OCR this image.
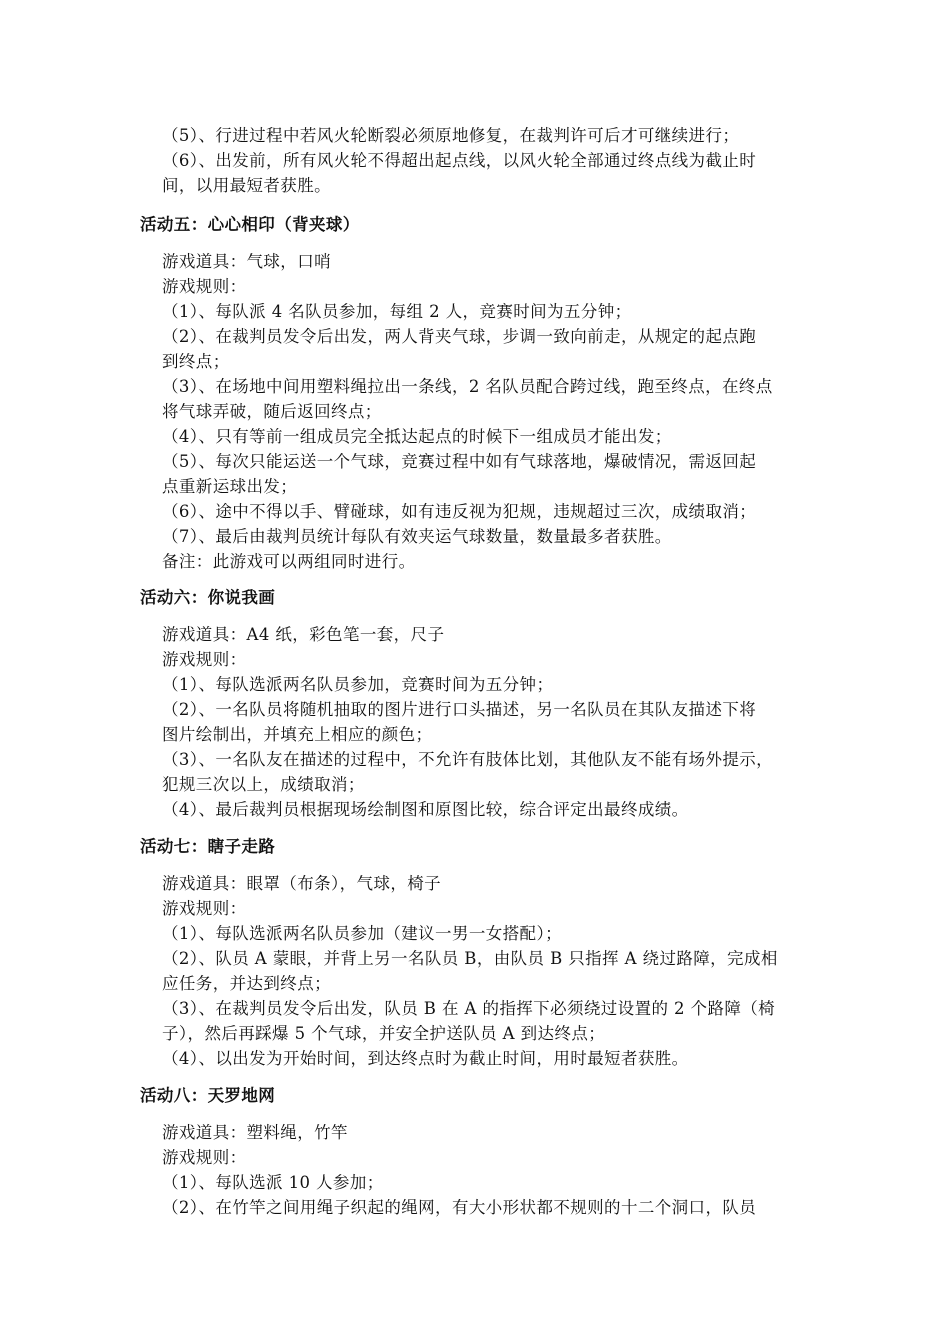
（5）、行进过程中若风火轮断裂必须原地修复，在裁判许可后才可继续进行；
（6）、出发前，所有风火轮不得超出起点线，以风火轮全部通过终点线为截止时
间，以用最短者获胜。
活动五：心心相印（背夹球）
游戏道具：气球，口哨
游戏规则：
（1）、每队派 4 名队员参加，每组 2 人，竞赛时间为五分钟；
（2）、在裁判员发令后出发，两人背夹气球，步调一致向前走，从规定的起点跑
到终点；
（3）、在场地中间用塑料绳拉出一条线，2 名队员配合跨过线，跑至终点，在终点
将气球弄破，随后返回终点；
（4）、只有等前一组成员完全抵达起点的时候下一组成员才能出发；
（5）、每次只能运送一个气球，竞赛过程中如有气球落地，爆破情况，需返回起
点重新运球出发；
（6）、途中不得以手、臂碰球，如有违反视为犯规，违规超过三次，成绩取消；
（7）、最后由裁判员统计每队有效夹运气球数量，数量最多者获胜。
备注：此游戏可以两组同时进行。
活动六：你说我画
游戏道具：A4 纸，彩色笔一套，尺子
游戏规则：
（1）、每队选派两名队员参加，竞赛时间为五分钟；
（2）、一名队员将随机抽取的图片进行口头描述，另一名队员在其队友描述下将
图片绘制出，并填充上相应的颜色；
（3）、一名队友在描述的过程中，不允许有肢体比划，其他队友不能有场外提示，
犯规三次以上，成绩取消；
（4）、最后裁判员根据现场绘制图和原图比较，综合评定出最终成绩。
活动七：瞎子走路
游戏道具：眼罩（布条），气球，椅子
游戏规则：
（1）、每队选派两名队员参加（建议一男一女搭配）；
（2）、队员 A 蒙眼，并背上另一名队员 B，由队员 B 只指挥 A 绕过路障，完成相
应任务，并达到终点；
（3）、在裁判员发令后出发，队员 B 在 A 的指挥下必须绕过设置的 2 个路障（椅
子），然后再踩爆 5 个气球，并安全护送队员 A 到达终点；
（4）、以出发为开始时间，到达终点时为截止时间，用时最短者获胜。
活动八：天罗地网
游戏道具：塑料绳，竹竿
游戏规则：
（1）、每队选派 10 人参加；
（2）、在竹竿之间用绳子织起的绳网，有大小形状都不规则的十二个洞口，队员
